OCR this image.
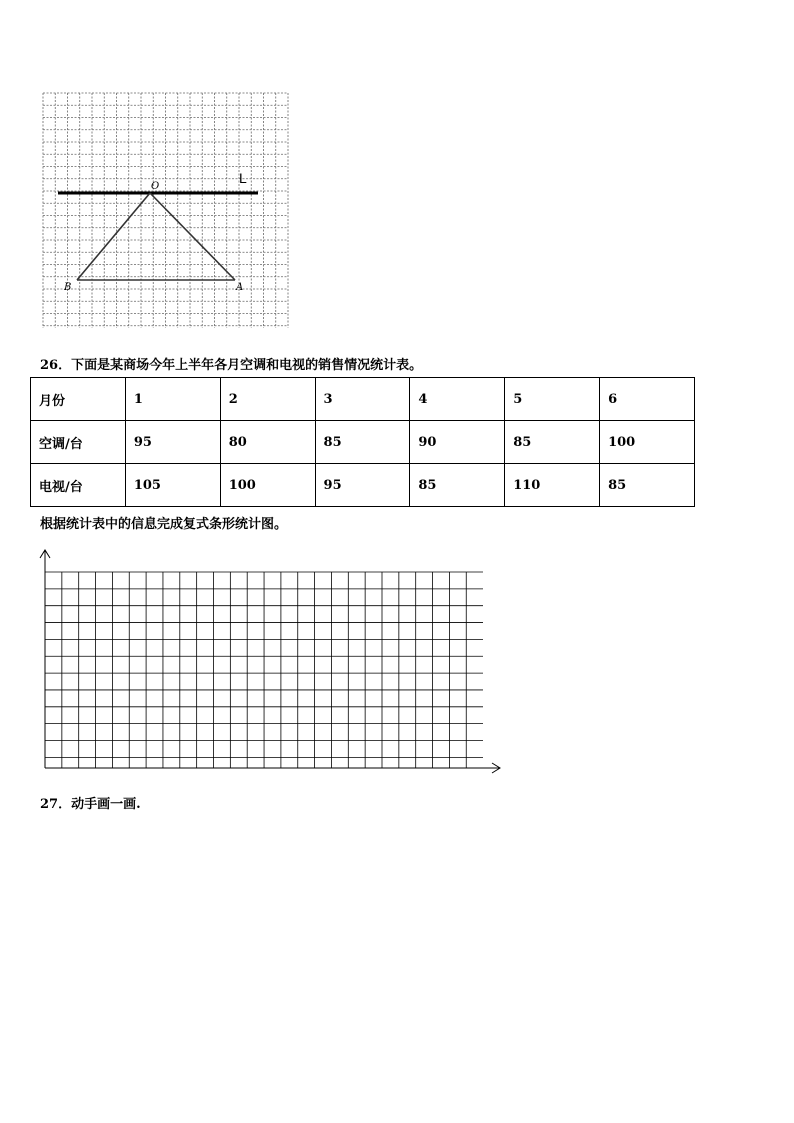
O
L
B	A
26．下面是某商场今年上半年各月空调和电视的销售情况统计表。
月份	1	2	3	4	5	6
空调/台	95	80	85	90	85	100
电视/台	105	100	95	85	110	85
根据统计表中的信息完成复式条形统计图。
27．动手画一画.
